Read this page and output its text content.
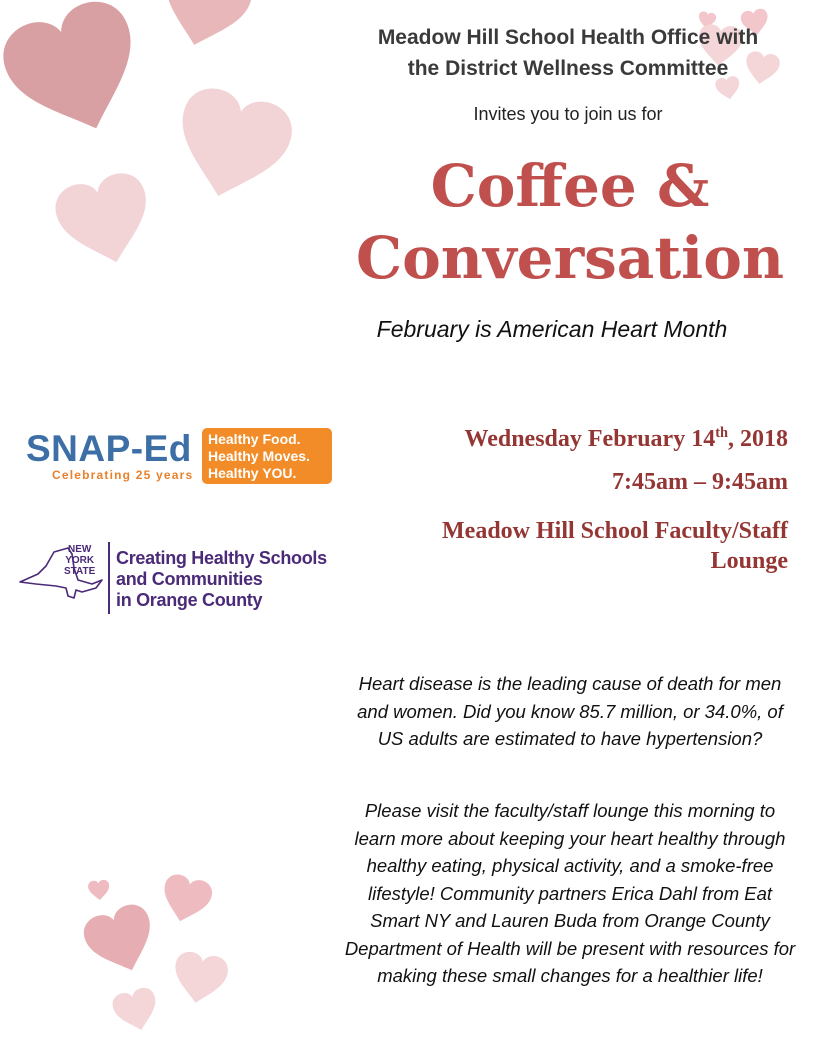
Meadow Hill School Health Office with
the District Wellness Committee
Invites you to join us for
Coffee &
Conversation
February is American Heart Month
Wednesday February 14th, 2018
7:45am – 9:45am
Meadow Hill School Faculty/Staff
Lounge
SNAP-Ed
Celebrating 25 years
Healthy Food.
Healthy Moves.
Healthy YOU.
NEW
YORK
STATE
Creating Healthy Schools
and Communities
in Orange County
Heart disease is the leading cause of death for men and women. Did you know 85.7 million, or 34.0%, of US adults are estimated to have hypertension?
Please visit the faculty/staff lounge this morning to learn more about keeping your heart healthy through healthy eating, physical activity, and a smoke-free lifestyle! Community partners Erica Dahl from Eat Smart NY and Lauren Buda from Orange County Department of Health will be present with resources for making these small changes for a healthier life!
